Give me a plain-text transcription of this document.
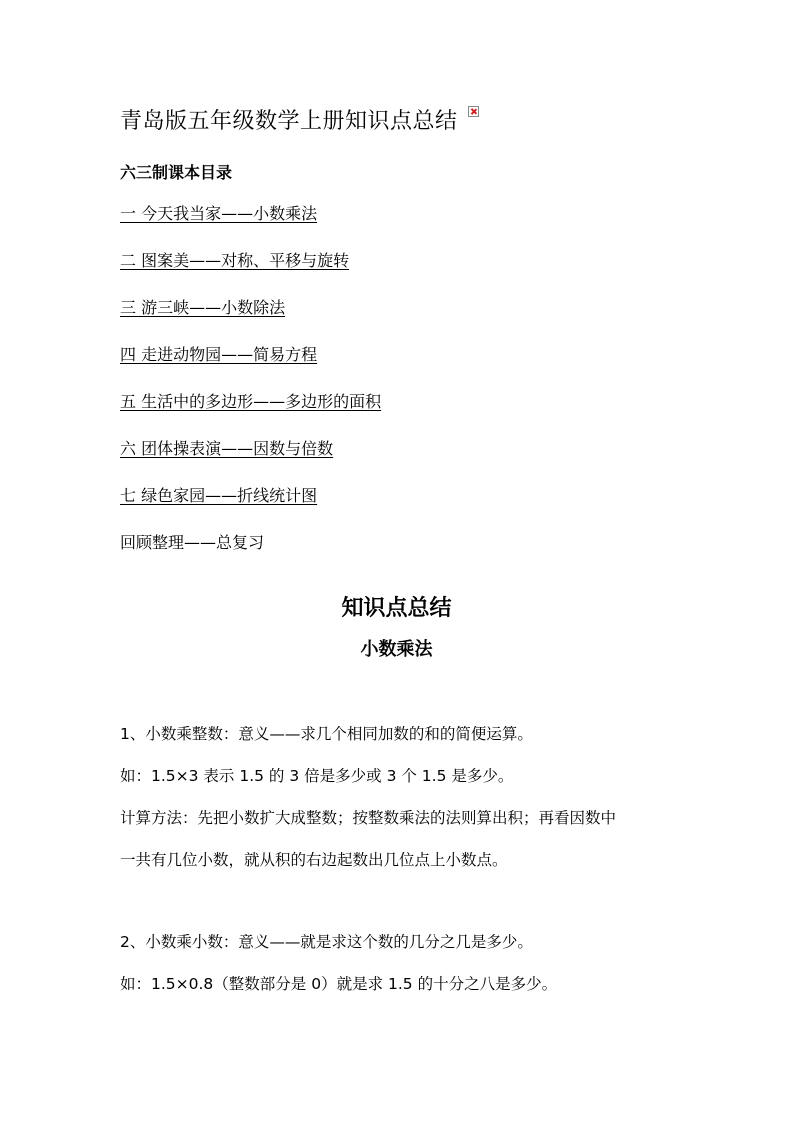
青岛版五年级数学上册知识点总结
六三制课本目录
一 今天我当家——小数乘法
二 图案美——对称、平移与旋转
三 游三峡——小数除法
四 走进动物园——简易方程
五 生活中的多边形——多边形的面积
六 团体操表演——因数与倍数
七 绿色家园——折线统计图
回顾整理——总复习
知识点总结
小数乘法
1、小数乘整数：意义——求几个相同加数的和的简便运算。
如：1.5×3 表示 1.5 的 3 倍是多少或 3 个 1.5 是多少。
计算方法：先把小数扩大成整数；按整数乘法的法则算出积；再看因数中
一共有几位小数，就从积的右边起数出几位点上小数点。
2、小数乘小数：意义——就是求这个数的几分之几是多少。
如：1.5×0.8（整数部分是 0）就是求 1.5 的十分之八是多少。
